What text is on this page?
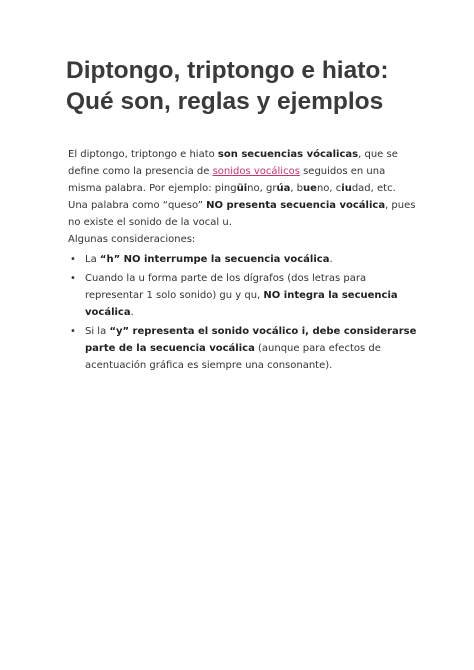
Diptongo, triptongo e hiato:
Qué son, reglas y ejemplos

El diptongo, triptongo e hiato son secuencias vócalicas, que se define como la presencia de sonidos vocálicos seguidos en una misma palabra. Por ejemplo: pingüino, grúa, bueno, ciudad, etc.

Una palabra como “queso” NO presenta secuencia vocálica, pues no existe el sonido de la vocal u.

Algunas consideraciones:

• La “h” NO interrumpe la secuencia vocálica.
• Cuando la u forma parte de los dígrafos (dos letras para representar 1 solo sonido) gu y qu, NO integra la secuencia vocálica.
• Si la “y” representa el sonido vocálico i, debe considerarse parte de la secuencia vocálica (aunque para efectos de acentuación gráfica es siempre una consonante).
